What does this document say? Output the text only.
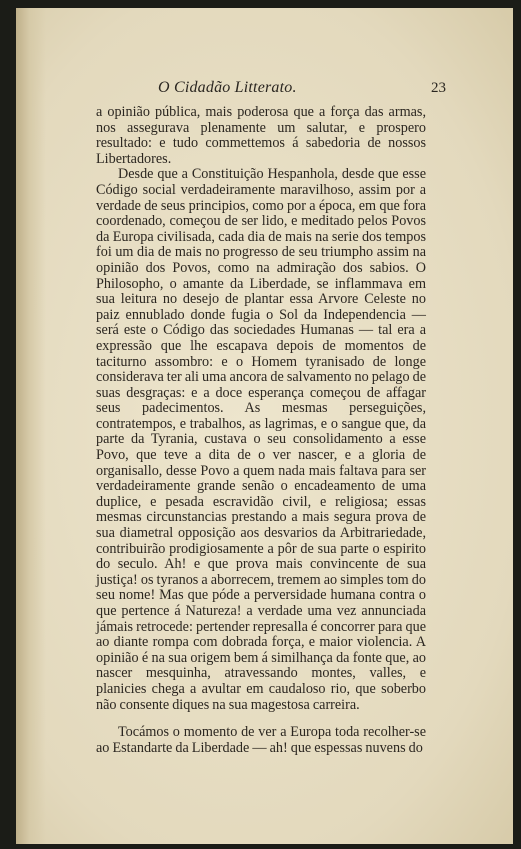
O Cidadão Litterato.	23

a opinião pública, mais poderosa que a força das armas, nos assegurava plenamente um salutar, e prospero resultado: e tudo commettemos á sabedoria de nossos Libertadores.

Desde que a Constituição Hespanhola, desde que esse Código social verdadeiramente maravilhoso, assim por a verdade de seus principios, como por a época, em que fora coordenado, começou de ser lido, e meditado pelos Povos da Europa civilisada, cada dia de mais na serie dos tempos foi um dia de mais no progresso de seu triumpho assim na opinião dos Povos, como na admiração dos sabios. O Philosopho, o amante da Liberdade, se inflammava em sua leitura no desejo de plantar essa Arvore Celeste no paiz ennublado donde fugia o Sol da Independencia — será este o Código das sociedades Humanas — tal era a expressão que lhe escapava depois de momentos de taciturno assombro: e o Homem tyranisado de longe considerava ter ali uma ancora de salvamento no pelago de suas desgraças: e a doce esperança começou de affagar seus padecimentos. As mesmas perseguições, contratempos, e trabalhos, as lagrimas, e o sangue que, da parte da Tyrania, custava o seu consolidamento a esse Povo, que teve a dita de o ver nascer, e a gloria de organisallo, desse Povo a quem nada mais faltava para ser verdadeiramente grande senão o encadeamento de uma duplice, e pesada escravidão civil, e religiosa; essas mesmas circunstancias prestando a mais segura prova de sua diametral opposição aos desvarios da Arbitrariedade, contribuirão prodigiosamente a pôr de sua parte o espirito do seculo. Ah! e que prova mais convincente de sua justiça! os tyranos a aborrecem, tremem ao simples tom do seu nome! Mas que póde a perversidade humana contra o que pertence á Natureza! a verdade uma vez annunciada jámais retrocede: pertender represalla é concorrer para que ao diante rompa com dobrada força, e maior violencia. A opinião é na sua origem bem á similhança da fonte que, ao nascer mesquinha, atravessando montes, valles, e planicies chega a avultar em caudaloso rio, que soberbo não consente diques na sua magestosa carreira.

Tocámos o momento de ver a Europa toda recolher-se ao Estandarte da Liberdade — ah! que espessas nuvens do
